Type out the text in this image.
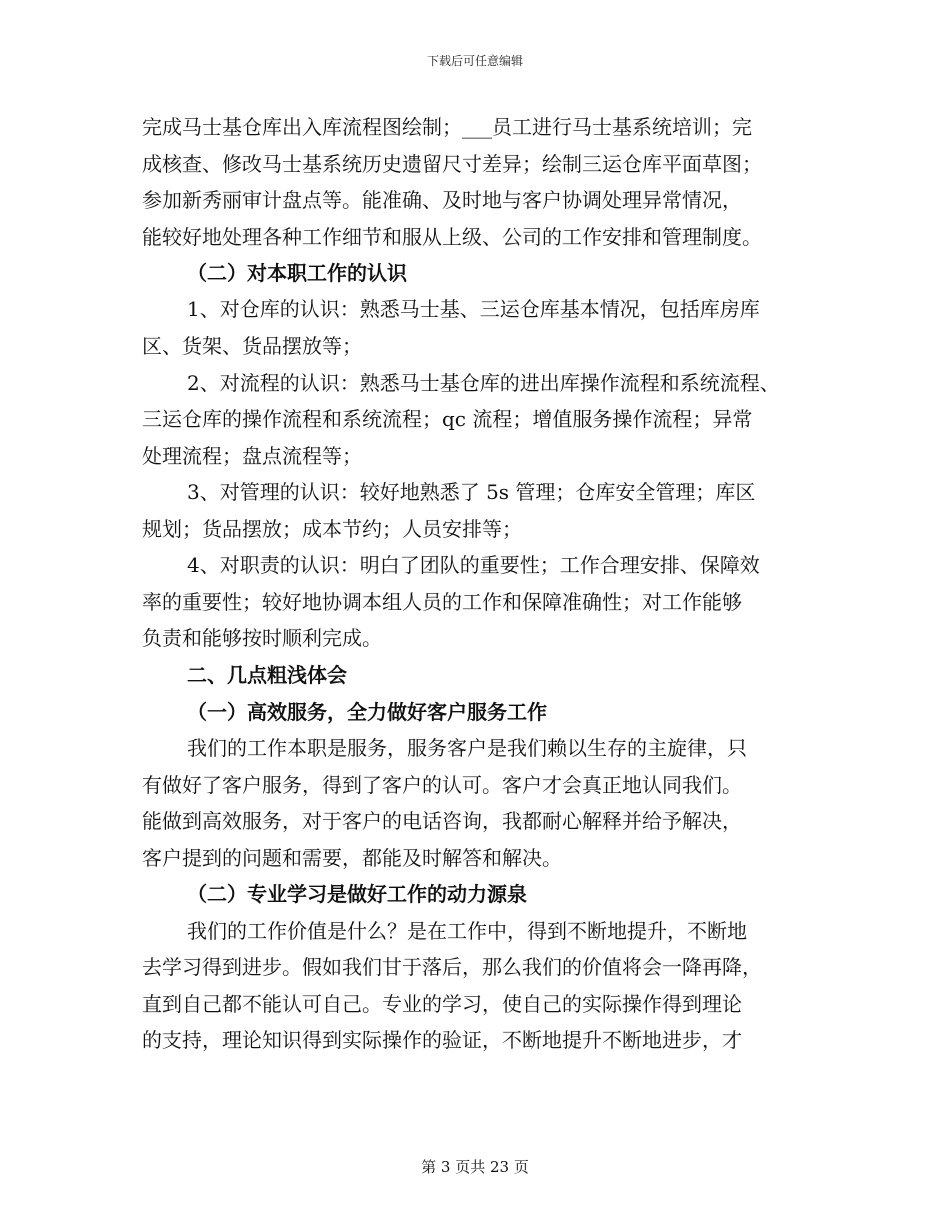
下载后可任意编辑
完成马士基仓库出入库流程图绘制；___员工进行马士基系统培训；完
成核查、修改马士基系统历史遗留尺寸差异；绘制三运仓库平面草图；
参加新秀丽审计盘点等。能准确、及时地与客户协调处理异常情况，
能较好地处理各种工作细节和服从上级、公司的工作安排和管理制度。
（二）对本职工作的认识
1、对仓库的认识：熟悉马士基、三运仓库基本情况，包括库房库
区、货架、货品摆放等；
2、对流程的认识：熟悉马士基仓库的进出库操作流程和系统流程、
三运仓库的操作流程和系统流程；qc 流程；增值服务操作流程；异常
处理流程；盘点流程等；
3、对管理的认识：较好地熟悉了 5s 管理；仓库安全管理；库区
规划；货品摆放；成本节约；人员安排等；
4、对职责的认识：明白了团队的重要性；工作合理安排、保障效
率的重要性；较好地协调本组人员的工作和保障准确性；对工作能够
负责和能够按时顺利完成。
二、几点粗浅体会
（一）高效服务，全力做好客户服务工作
我们的工作本职是服务，服务客户是我们赖以生存的主旋律，只
有做好了客户服务，得到了客户的认可。客户才会真正地认同我们。
能做到高效服务，对于客户的电话咨询，我都耐心解释并给予解决，
客户提到的问题和需要，都能及时解答和解决。
（二）专业学习是做好工作的动力源泉
我们的工作价值是什么？是在工作中，得到不断地提升，不断地
去学习得到进步。假如我们甘于落后，那么我们的价值将会一降再降，
直到自己都不能认可自己。专业的学习，使自己的实际操作得到理论
的支持，理论知识得到实际操作的验证，不断地提升不断地进步，才
第 3 页共 23 页
